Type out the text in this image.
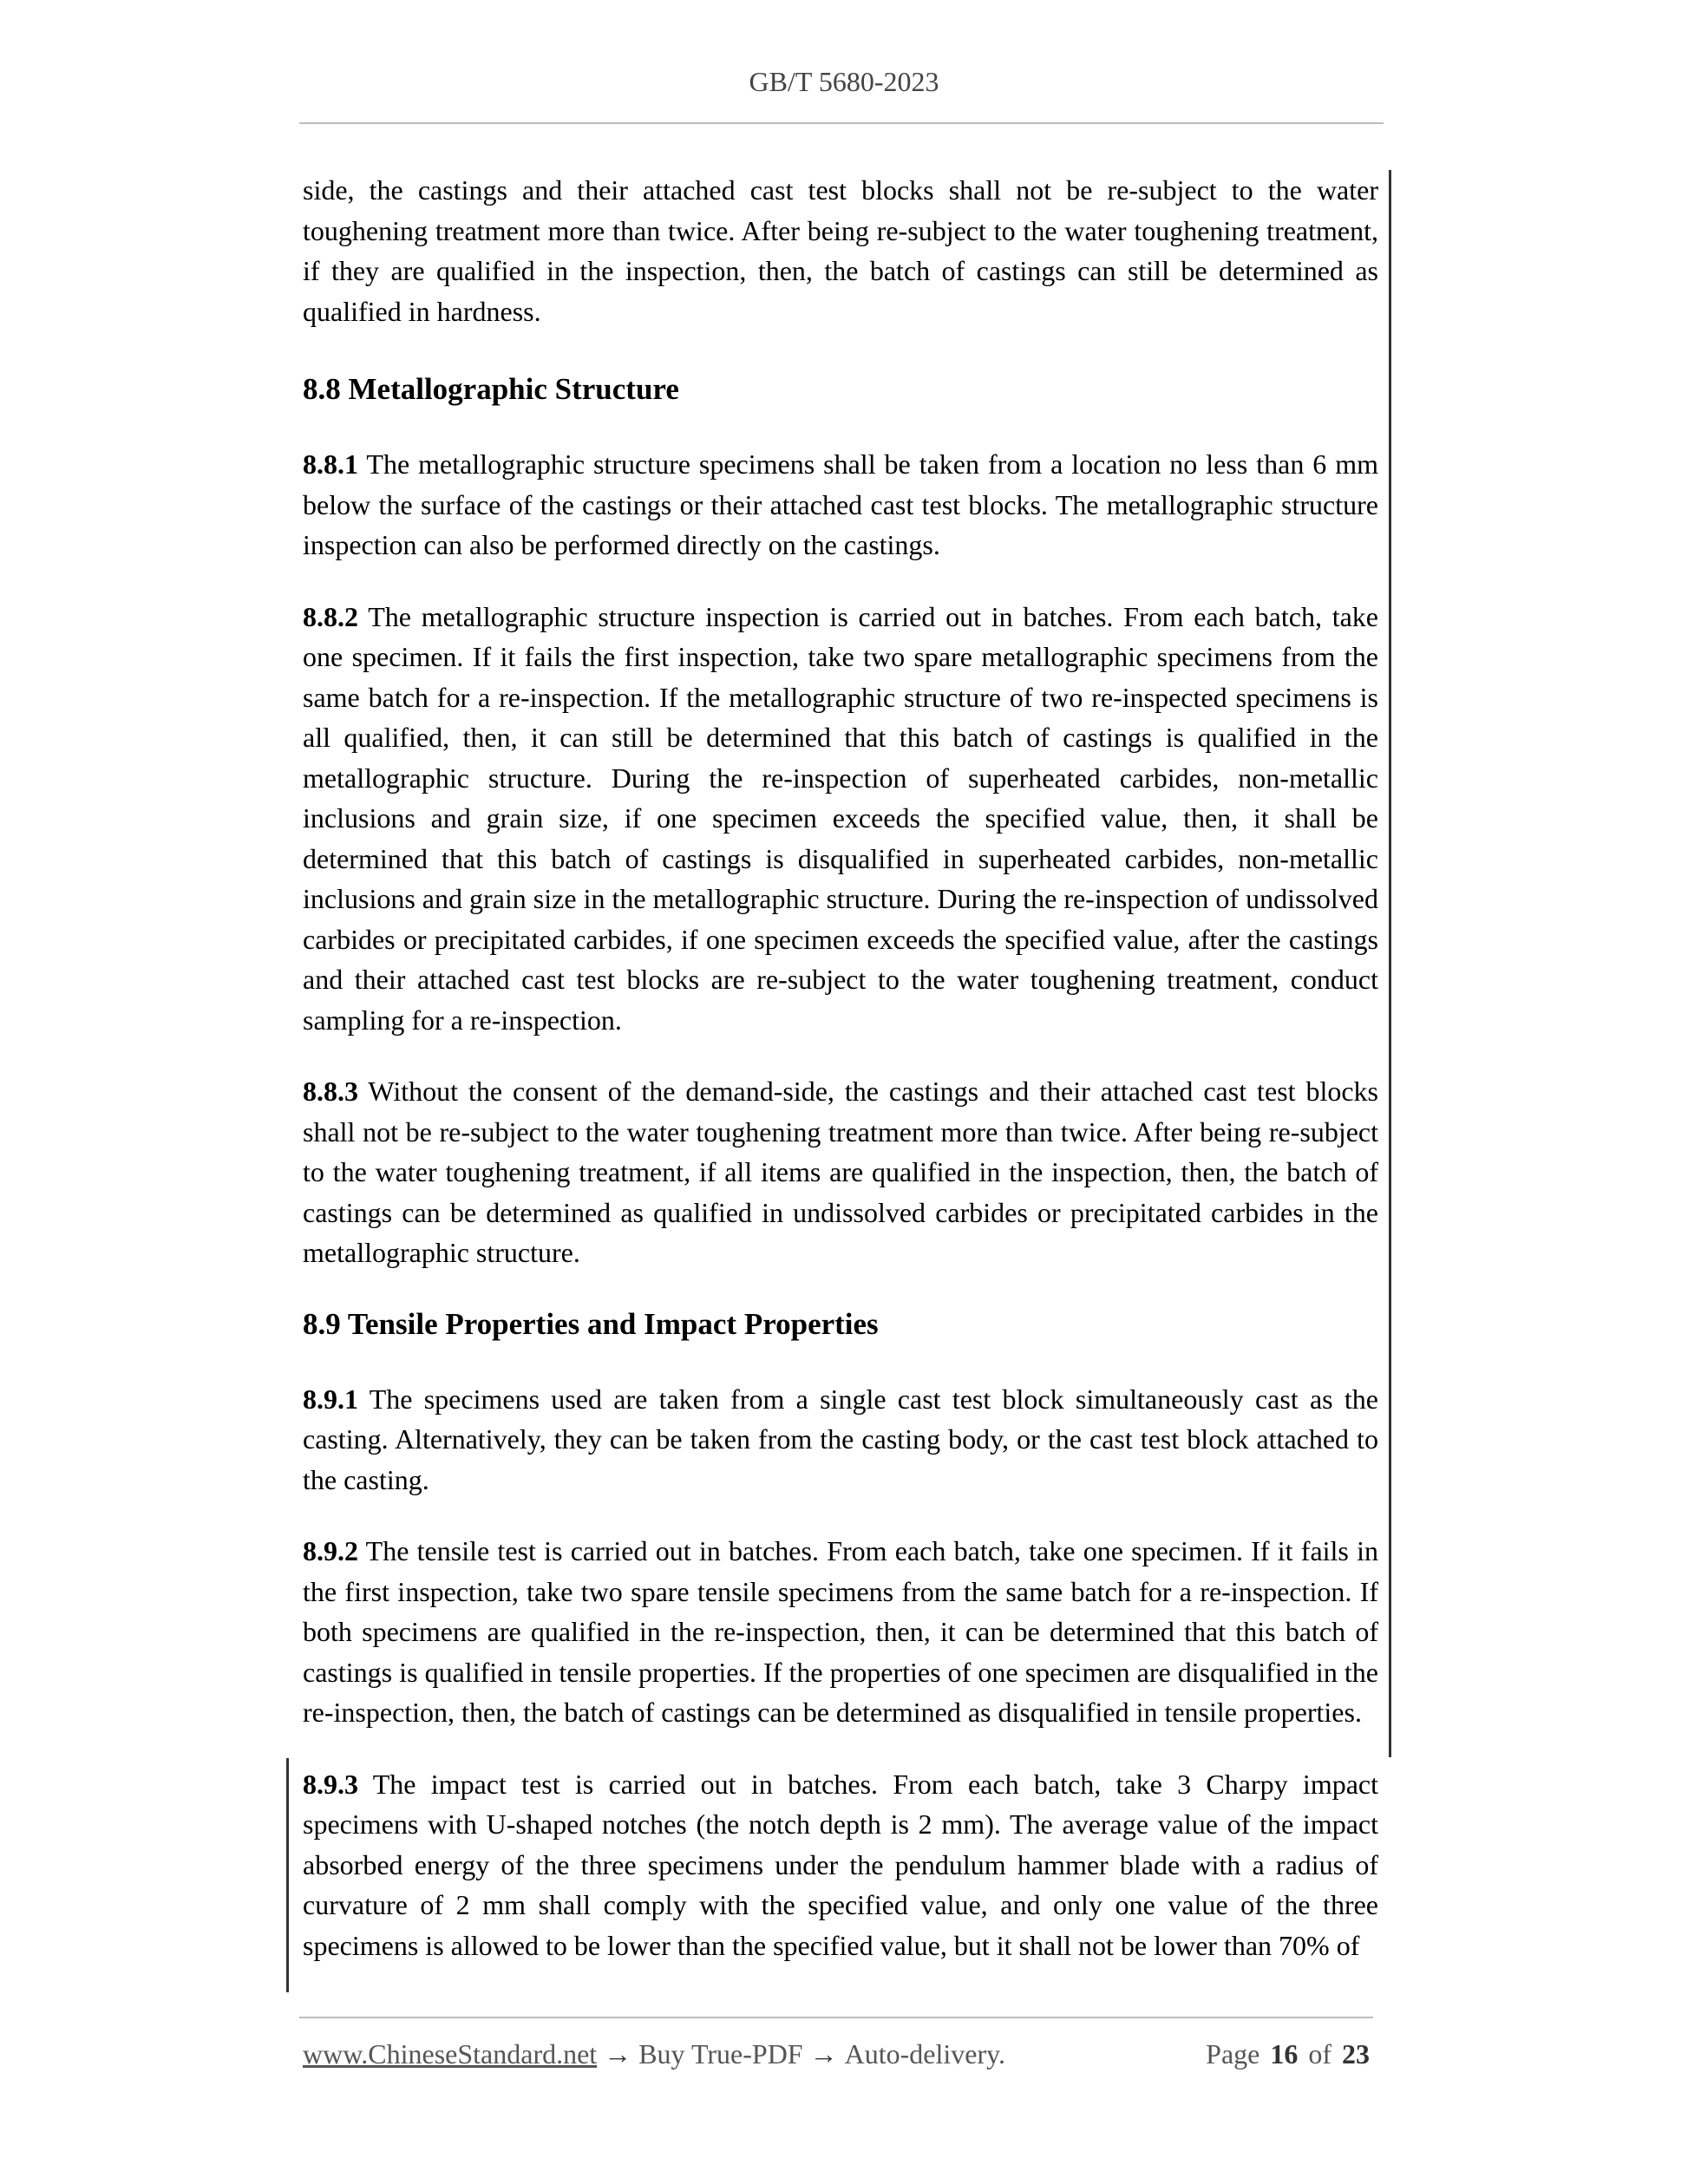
GB/T 5680-2023

side, the castings and their attached cast test blocks shall not be re-subject to the water toughening treatment more than twice. After being re-subject to the water toughening treatment, if they are qualified in the inspection, then, the batch of castings can still be determined as qualified in hardness.

8.8 Metallographic Structure

8.8.1 The metallographic structure specimens shall be taken from a location no less than 6 mm below the surface of the castings or their attached cast test blocks. The metallographic structure inspection can also be performed directly on the castings.

8.8.2 The metallographic structure inspection is carried out in batches. From each batch, take one specimen. If it fails the first inspection, take two spare metallographic specimens from the same batch for a re-inspection. If the metallographic structure of two re-inspected specimens is all qualified, then, it can still be determined that this batch of castings is qualified in the metallographic structure. During the re-inspection of superheated carbides, non-metallic inclusions and grain size, if one specimen exceeds the specified value, then, it shall be determined that this batch of castings is disqualified in superheated carbides, non-metallic inclusions and grain size in the metallographic structure. During the re-inspection of undissolved carbides or precipitated carbides, if one specimen exceeds the specified value, after the castings and their attached cast test blocks are re-subject to the water toughening treatment, conduct sampling for a re-inspection.

8.8.3 Without the consent of the demand-side, the castings and their attached cast test blocks shall not be re-subject to the water toughening treatment more than twice. After being re-subject to the water toughening treatment, if all items are qualified in the inspection, then, the batch of castings can be determined as qualified in undissolved carbides or precipitated carbides in the metallographic structure.

8.9 Tensile Properties and Impact Properties

8.9.1 The specimens used are taken from a single cast test block simultaneously cast as the casting. Alternatively, they can be taken from the casting body, or the cast test block attached to the casting.

8.9.2 The tensile test is carried out in batches. From each batch, take one specimen. If it fails in the first inspection, take two spare tensile specimens from the same batch for a re-inspection. If both specimens are qualified in the re-inspection, then, it can be determined that this batch of castings is qualified in tensile properties. If the properties of one specimen are disqualified in the re-inspection, then, the batch of castings can be determined as disqualified in tensile properties.

8.9.3 The impact test is carried out in batches. From each batch, take 3 Charpy impact specimens with U-shaped notches (the notch depth is 2 mm). The average value of the impact absorbed energy of the three specimens under the pendulum hammer blade with a radius of curvature of 2 mm shall comply with the specified value, and only one value of the three specimens is allowed to be lower than the specified value, but it shall not be lower than 70% of

www.ChineseStandard.net → Buy True-PDF → Auto-delivery.	Page 16 of 23
